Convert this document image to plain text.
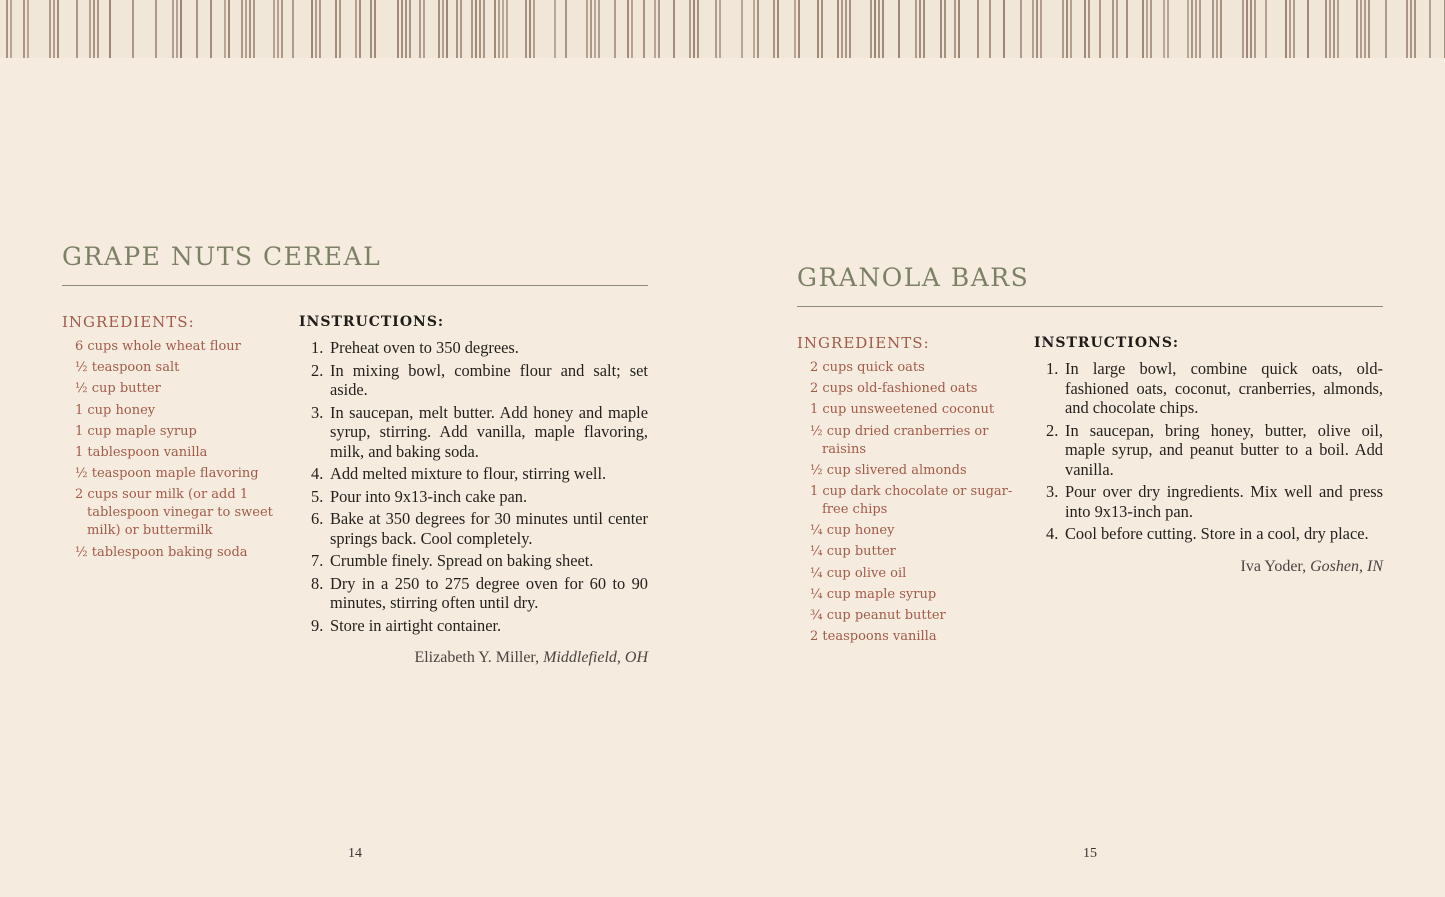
GRAPE NUTS CEREAL
INGREDIENTS:
6 cups whole wheat flour
½ teaspoon salt
½ cup butter
1 cup honey
1 cup maple syrup
1 tablespoon vanilla
½ teaspoon maple flavoring
2 cups sour milk (or add 1 tablespoon vinegar to sweet milk) or buttermilk
½ tablespoon baking soda
INSTRUCTIONS:
1. Preheat oven to 350 degrees.
2. In mixing bowl, combine flour and salt; set aside.
3. In saucepan, melt butter. Add honey and maple syrup, stirring. Add vanilla, maple flavoring, milk, and baking soda.
4. Add melted mixture to flour, stirring well.
5. Pour into 9x13-inch cake pan.
6. Bake at 350 degrees for 30 minutes until center springs back. Cool completely.
7. Crumble finely. Spread on baking sheet.
8. Dry in a 250 to 275 degree oven for 60 to 90 minutes, stirring often until dry.
9. Store in airtight container.
Elizabeth Y. Miller, Middlefield, OH
GRANOLA BARS
INGREDIENTS:
2 cups quick oats
2 cups old-fashioned oats
1 cup unsweetened coconut
½ cup dried cranberries or raisins
½ cup slivered almonds
1 cup dark chocolate or sugar-free chips
¼ cup honey
¼ cup butter
¼ cup olive oil
¼ cup maple syrup
¾ cup peanut butter
2 teaspoons vanilla
INSTRUCTIONS:
1. In large bowl, combine quick oats, old-fashioned oats, coconut, cranberries, almonds, and chocolate chips.
2. In saucepan, bring honey, butter, olive oil, maple syrup, and peanut butter to a boil. Add vanilla.
3. Pour over dry ingredients. Mix well and press into 9x13-inch pan.
4. Cool before cutting. Store in a cool, dry place.
Iva Yoder, Goshen, IN
14	15
